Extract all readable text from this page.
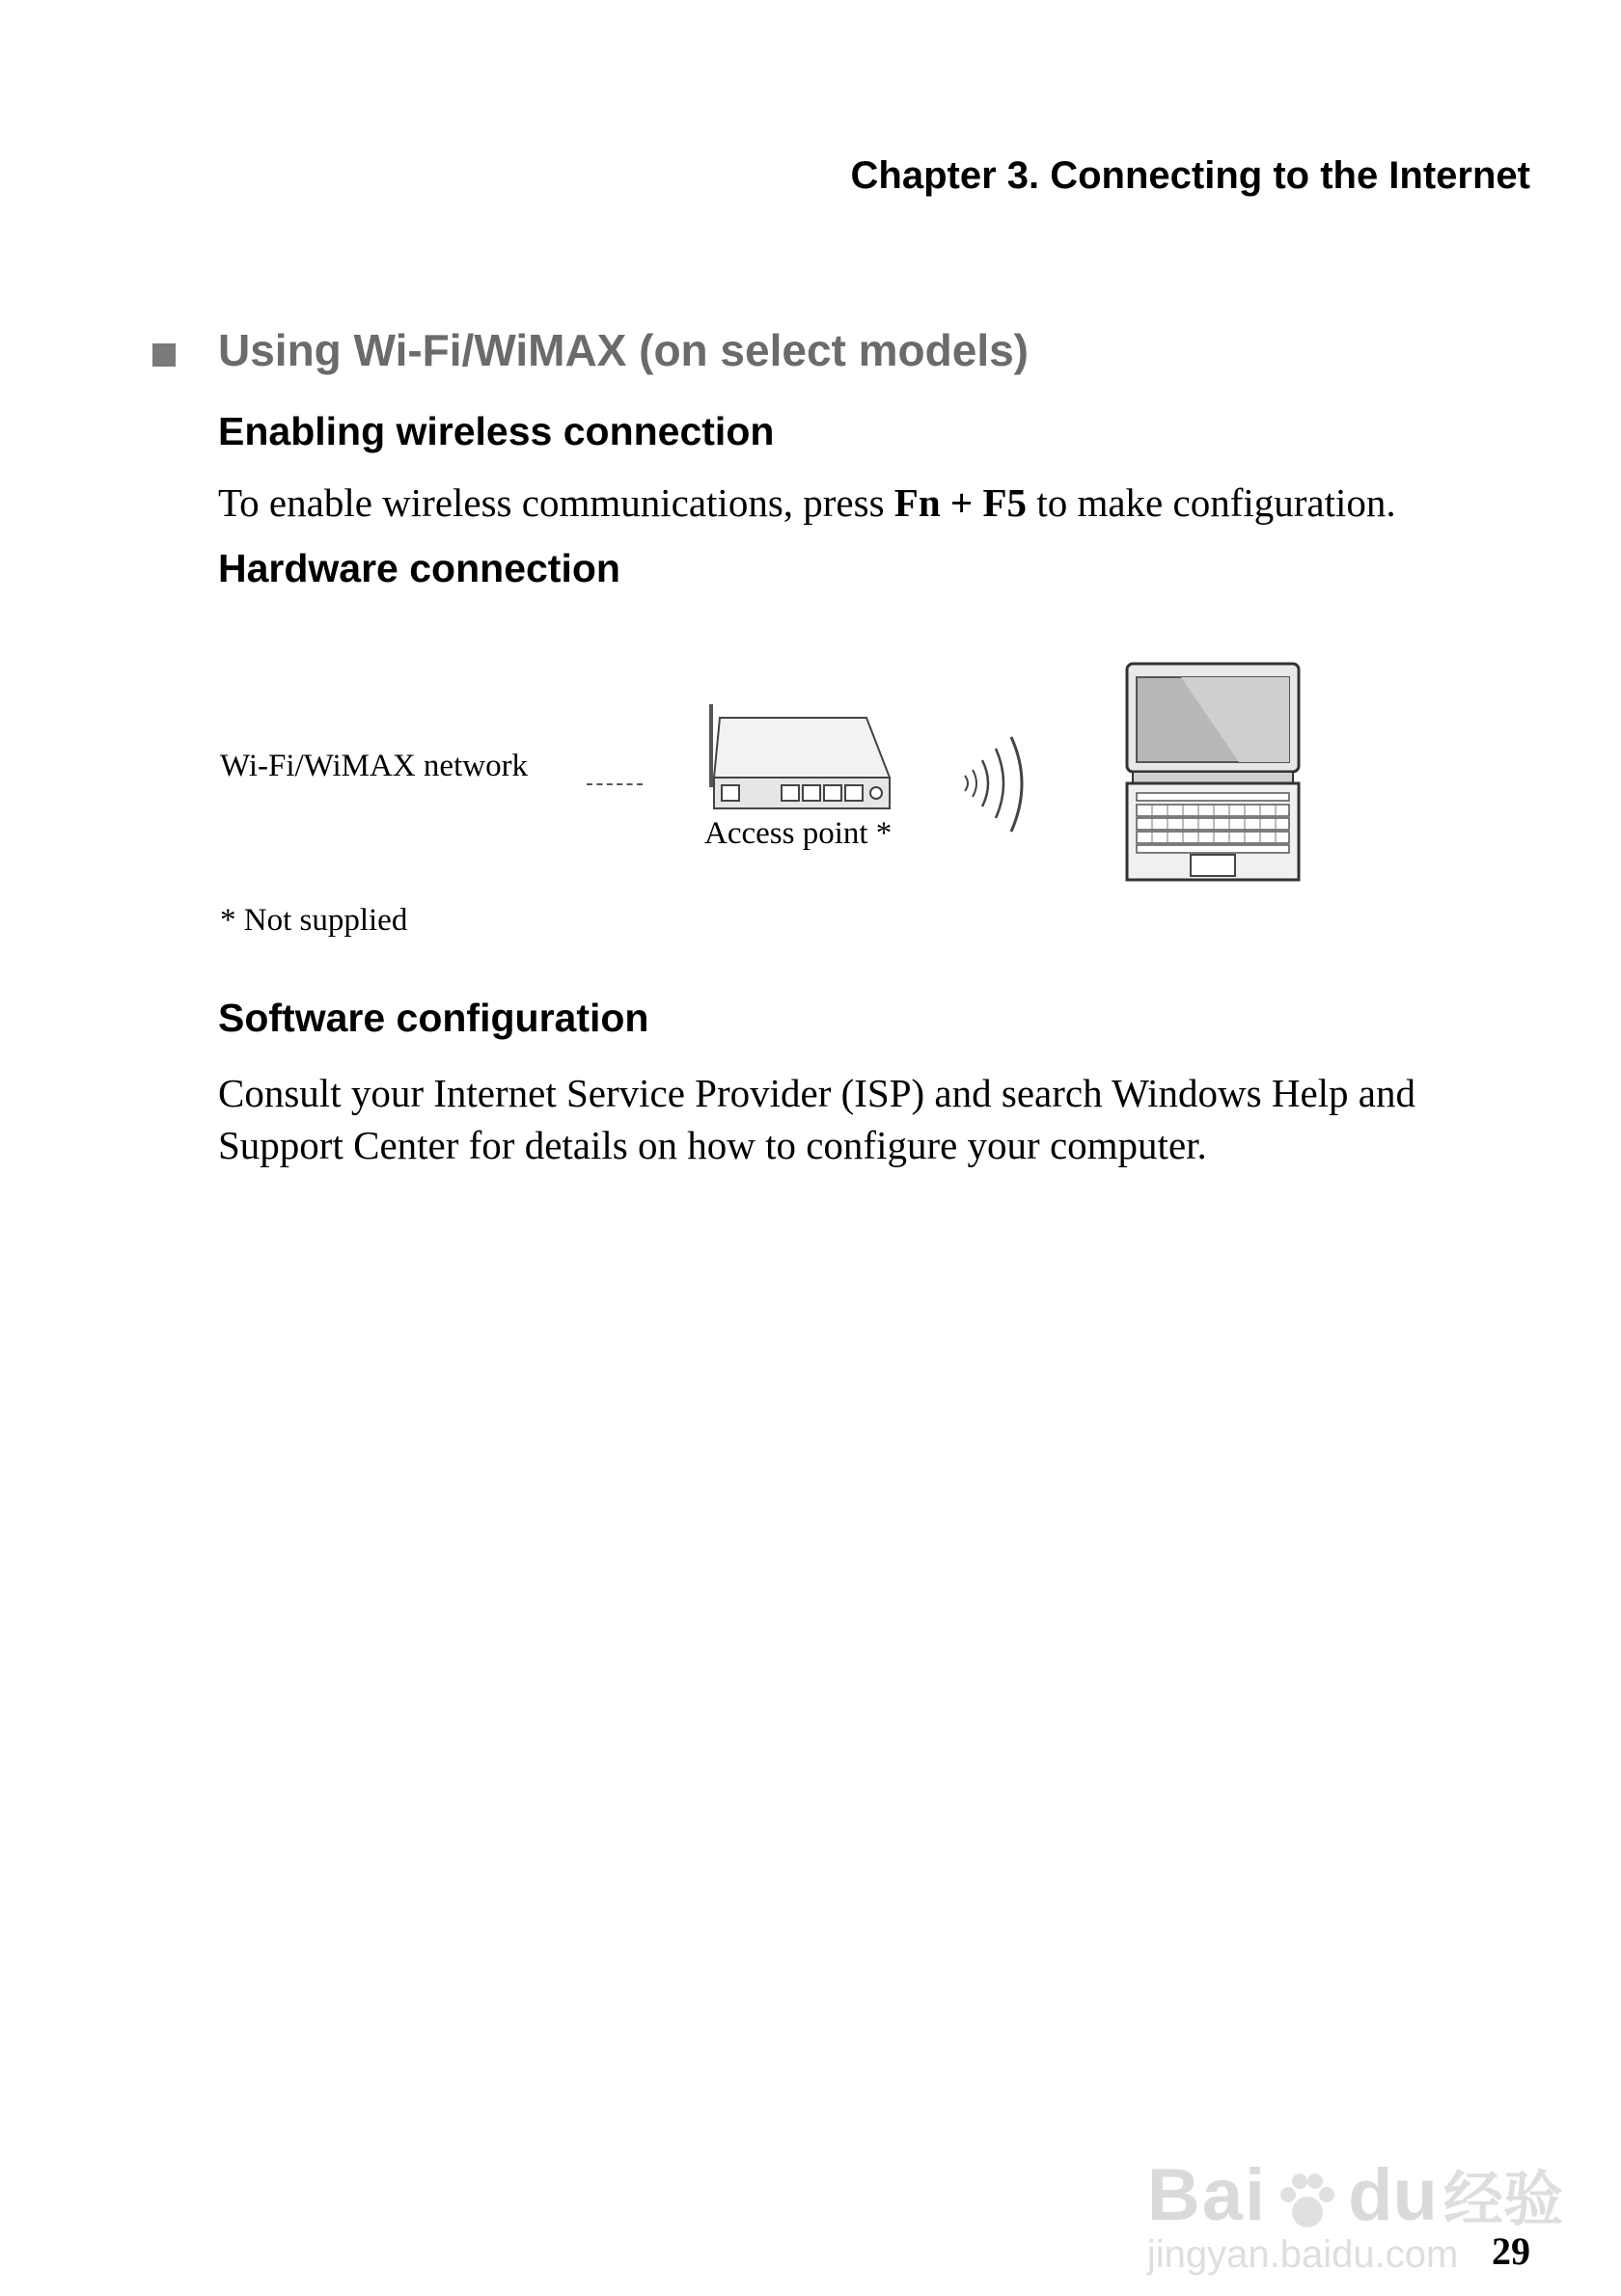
Chapter 3. Connecting to the Internet
Using Wi-Fi/WiMAX (on select models)
Enabling wireless connection
To enable wireless communications, press Fn + F5 to make configuration.
Hardware connection
Wi-Fi/WiMAX network
Access point *
* Not supplied
Software configuration
Consult your Internet Service Provider (ISP) and search Windows Help and Support Center for details on how to configure your computer.
Bai du 经验
jingyan.baidu.com 29
